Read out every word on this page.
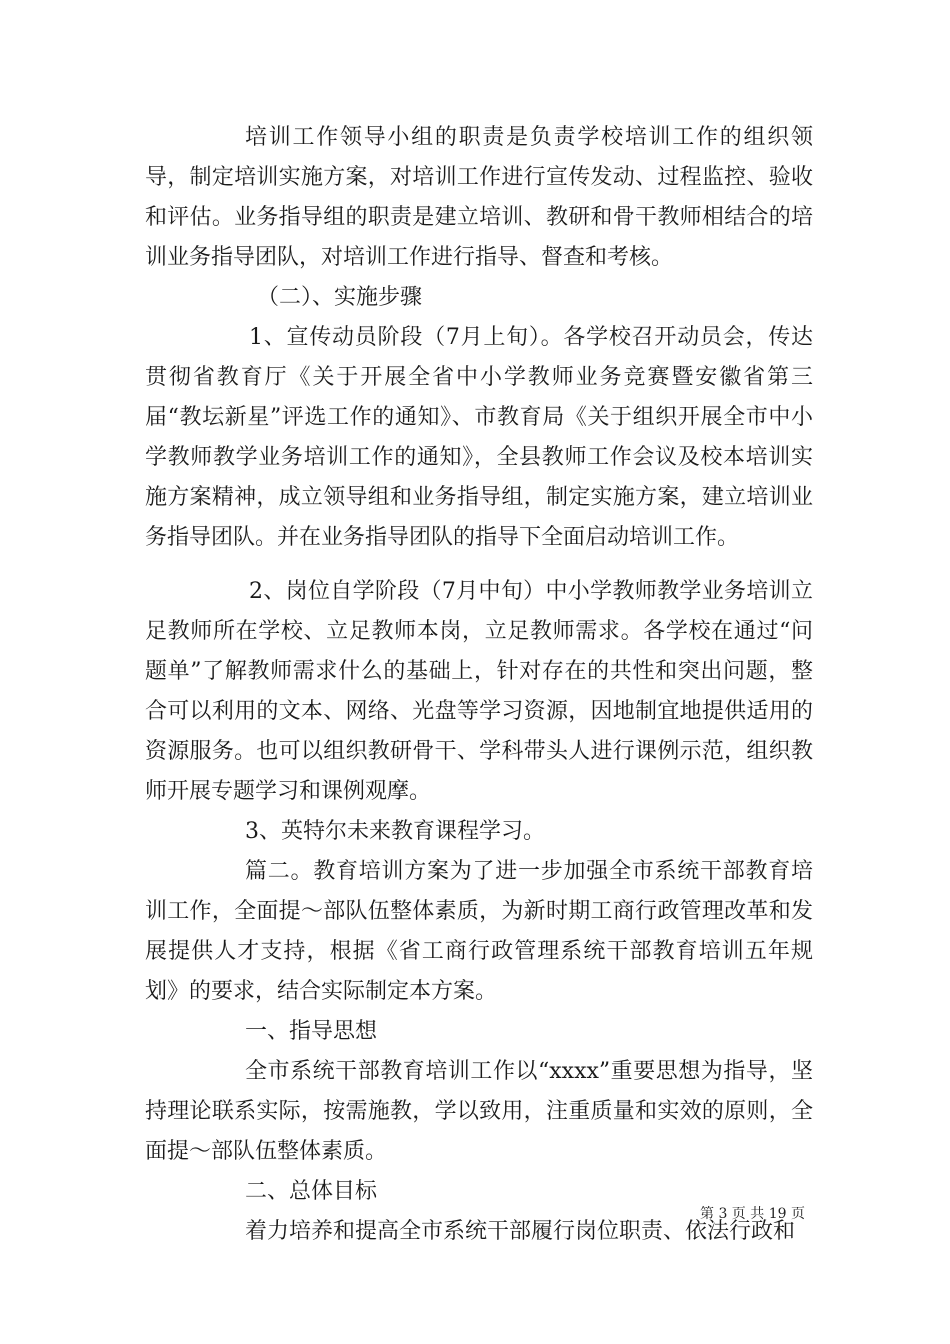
培训工作领导小组的职责是负责学校培训工作的组织领导，制定培训实施方案，对培训工作进行宣传发动、过程监控、验收和评估。业务指导组的职责是建立培训、教研和骨干教师相结合的培训业务指导团队，对培训工作进行指导、督查和考核。

（二）、实施步骤

1、宣传动员阶段（7月上旬）。各学校召开动员会，传达贯彻省教育厅《关于开展全省中小学教师业务竞赛暨安徽省第三届“教坛新星”评选工作的通知》、市教育局《关于组织开展全市中小学教师教学业务培训工作的通知》，全县教师工作会议及校本培训实施方案精神，成立领导组和业务指导组，制定实施方案，建立培训业务指导团队。并在业务指导团队的指导下全面启动培训工作。

2、岗位自学阶段（7月中旬）中小学教师教学业务培训立足教师所在学校、立足教师本岗，立足教师需求。各学校在通过“问题单”了解教师需求什么的基础上，针对存在的共性和突出问题，整合可以利用的文本、网络、光盘等学习资源，因地制宜地提供适用的资源服务。也可以组织教研骨干、学科带头人进行课例示范，组织教师开展专题学习和课例观摩。

3、英特尔未来教育课程学习。

篇二。教育培训方案为了进一步加强全市系统干部教育培训工作，全面提～部队伍整体素质，为新时期工商行政管理改革和发展提供人才支持，根据《省工商行政管理系统干部教育培训五年规划》的要求，结合实际制定本方案。

一、指导思想

全市系统干部教育培训工作以“xxxx”重要思想为指导，坚持理论联系实际，按需施教，学以致用，注重质量和实效的原则，全面提～部队伍整体素质。

二、总体目标

着力培养和提高全市系统干部履行岗位职责、依法行政和

第 3 页 共 19 页
